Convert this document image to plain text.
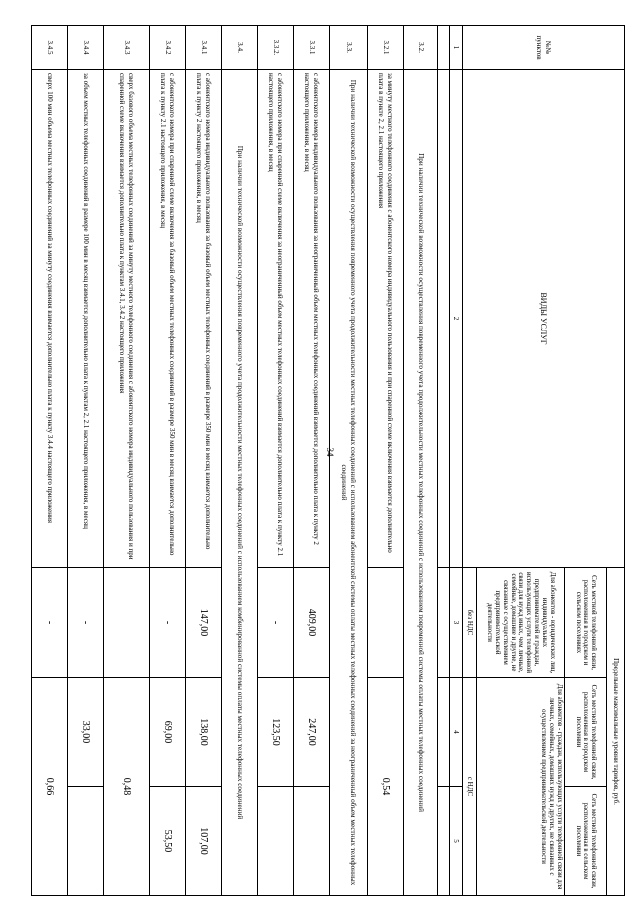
34
№№ пунктов	ВИДЫ УСЛУГ	Предельные максимальные уровни тарифов, руб.		
		Сеть местной телефонной связи, расположенная в городском и сельском поселениях	Сеть местной телефонной связи, расположенная в городском поселении	Сеть местной телефонной связи, расположенная в сельском поселении
		Для абонентов - юридических лиц, индивидуальных предпринимателей и граждан, использующих услуги телефонной связи для нужд иных, чем личные, семейные, домашние и другие, не связанные с осуществлением предпринимательской деятельности	Для абонентов - граждан, использующих услуги телефонной связи для личных, семейных, домашних нужд и других, не связанных с осуществлением предпринимательской деятельности	
		без НДС	с НДС	
1	2	3	4	5

3.2.	При наличии технической возможности осуществления повременного учета продолжительности местных телефонных соединений с использованием повременной системы оплаты местных телефонных соединений			
3.2.1	за минуту местного телефонного соединения с абонентского номера индивидуального пользования и при спаренной схеме включения взимается дополнительно плата в пункте 2, 2.1 настоящего приложения		0,54	
3.3.	При наличии технической возможности осуществления повременного учета продолжительности местных телефонных соединений с использованием абонентской системы оплаты местных телефонных соединений за неограниченный объем местных телефонных соединений			
3.3.1	с абонентского номера индивидуального пользования за неограниченный объем местных телефонных соединений взимается дополнительно плата к пункту 2 настоящего приложения, в месяц	409,00	247,00	
3.3.2.	с абонентского номера при спаренной схеме включения за неограниченный объем местных телефонных соединений взимается дополнительно плата к пункту 2.1 настоящего приложения, в месяц	-	123,50	
3.4.	При наличии технической возможности осуществления повременного учета продолжительности местных телефонных соединений с использованием комбинированной системы оплаты местных телефонных соединений			
3.4.1	с абонентского номера индивидуального пользования за базовый объем местных телефонных соединений в размере 350 мин в месяц взимается дополнительно плата к пункту 2 настоящего приложения, в месяц	147,00	138,00	107,00
3.4.2	с абонентского номера при спаренной схеме включения за базовый объем местных телефонных соединений в размере 350 мин в месяц взимается дополнительно плата к пункту 2.1 настоящего приложения, в месяц	-	69,00	53,50
3.4.3	сверх базового объема местных телефонных соединений за минуту местного телефонного соединения с абонентского номера индивидуального пользования и при спаренной схеме включения взимается дополнительно плата к пунктам 3.4.1, 3.4.2 настоящего приложения		0,48	
3.4.4	за объем местных телефонных соединений в размере 100 мин в месяц взимается дополнительно плата к пунктам 2, 2.1 настоящего приложения, в месяц	-	33,00	
3.4.5	сверх 100 мин объема местных телефонных соединений за минуту соединения взимается дополнительно плата к пункту 3.4.4 настоящего приложения	-	0,66	
